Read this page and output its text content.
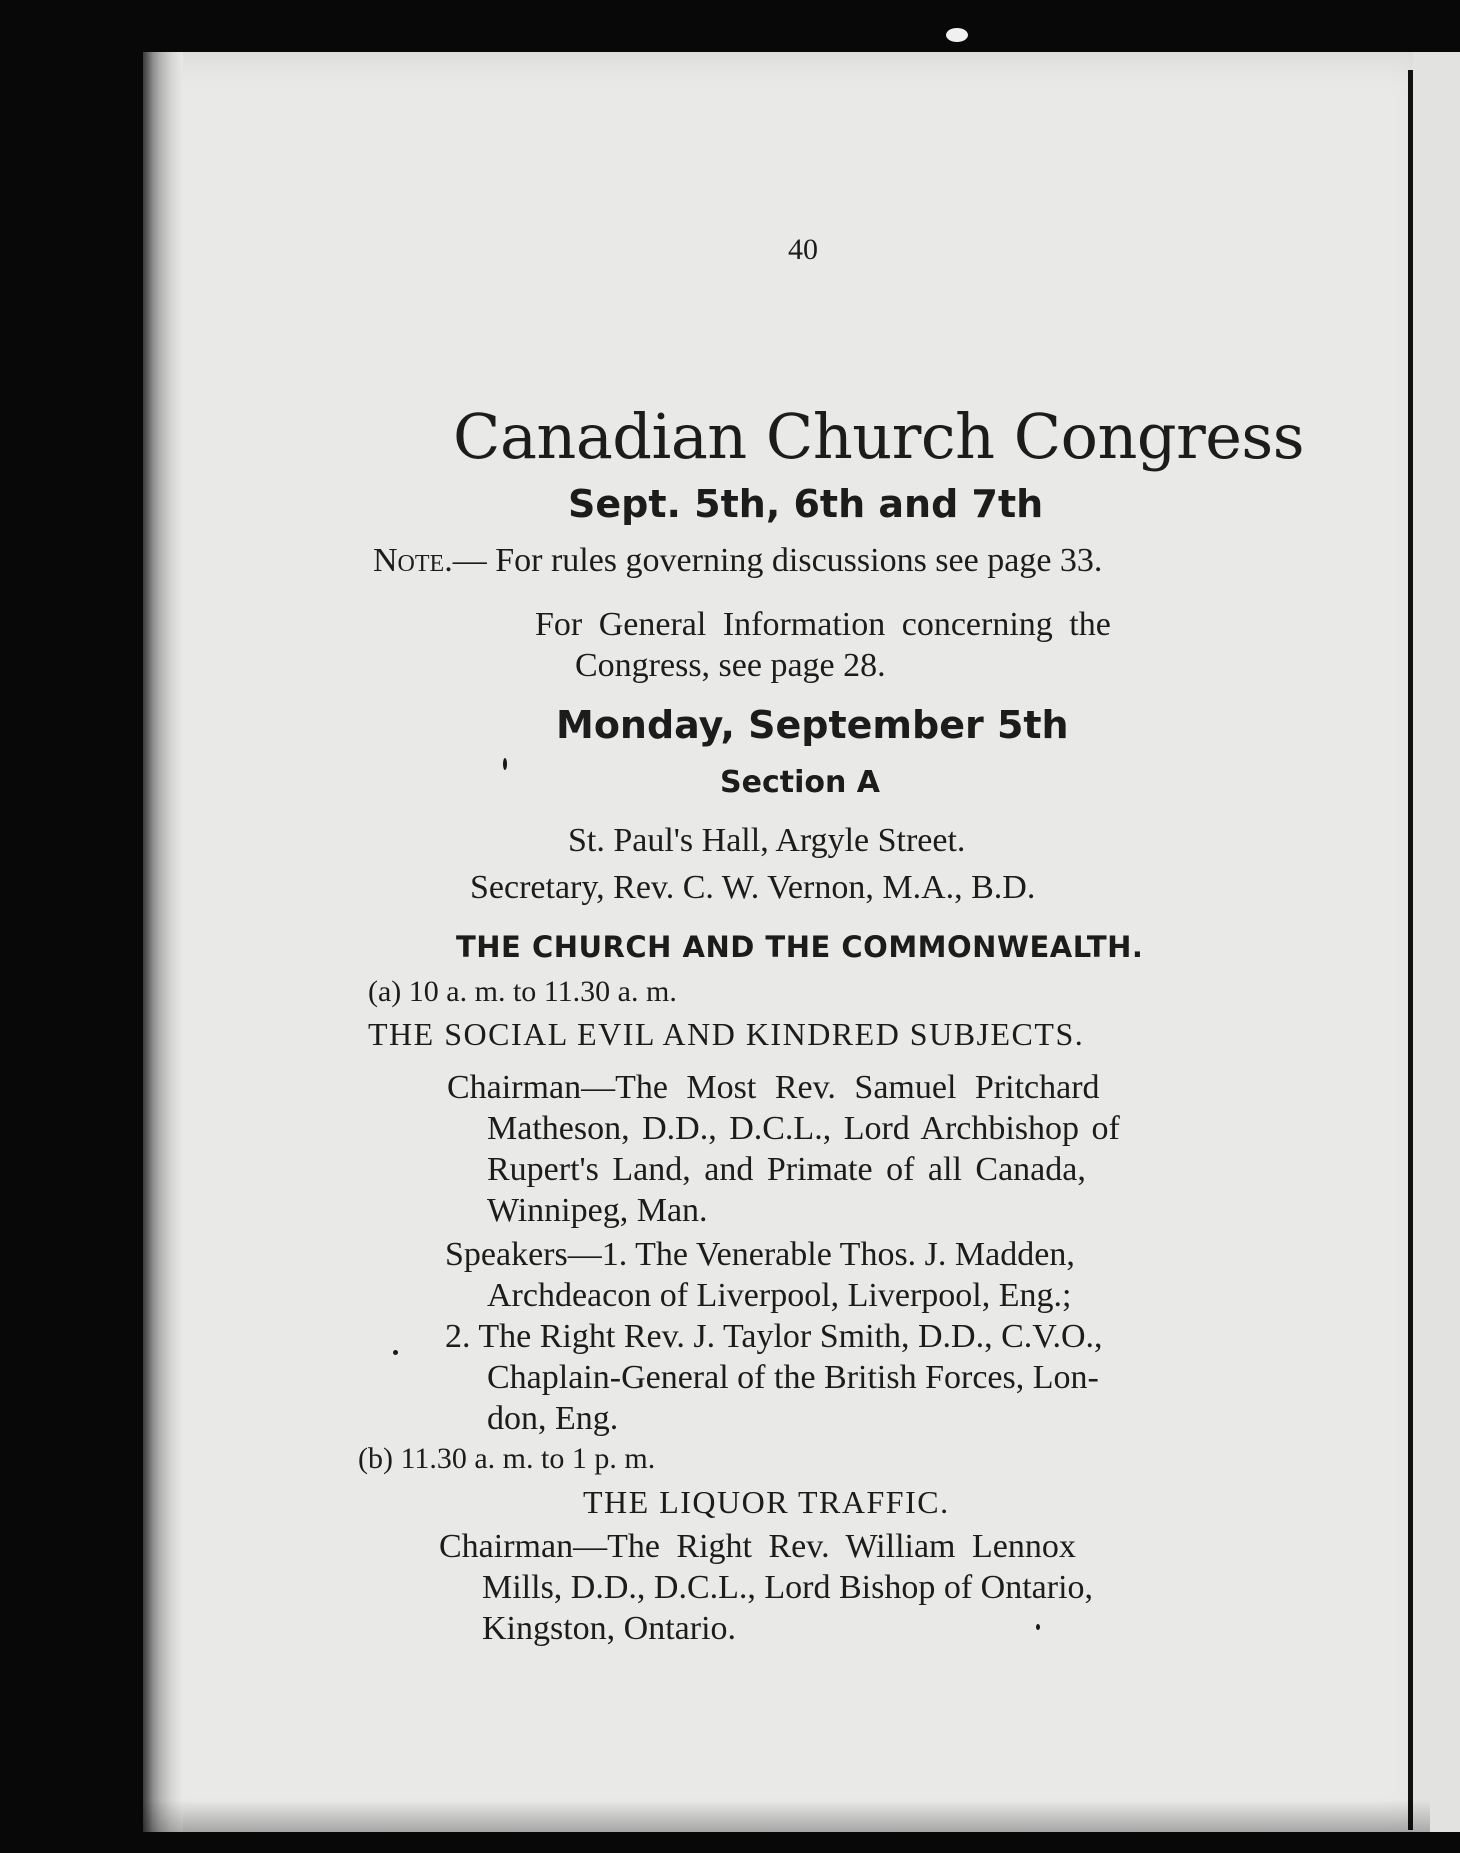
40
Canadian Church Congress
Sept. 5th, 6th and 7th
Note.— For rules governing discussions see page 33.
For General Information concerning the
Congress, see page 28.
Monday, September 5th
Section A
St. Paul's Hall, Argyle Street.
Secretary, Rev. C. W. Vernon, M.A., B.D.
THE CHURCH AND THE COMMONWEALTH.
(a) 10 a. m. to 11.30 a. m.
THE SOCIAL EVIL AND KINDRED SUBJECTS.
Chairman—The Most Rev. Samuel Pritchard
Matheson, D.D., D.C.L., Lord Archbishop of
Rupert's Land, and Primate of all Canada,
Winnipeg, Man.
Speakers—1. The Venerable Thos. J. Madden,
Archdeacon of Liverpool, Liverpool, Eng.;
2. The Right Rev. J. Taylor Smith, D.D., C.V.O.,
Chaplain-General of the British Forces, Lon-
don, Eng.
(b) 11.30 a. m. to 1 p. m.
THE LIQUOR TRAFFIC.
Chairman—The Right Rev. William Lennox
Mills, D.D., D.C.L., Lord Bishop of Ontario,
Kingston, Ontario.
